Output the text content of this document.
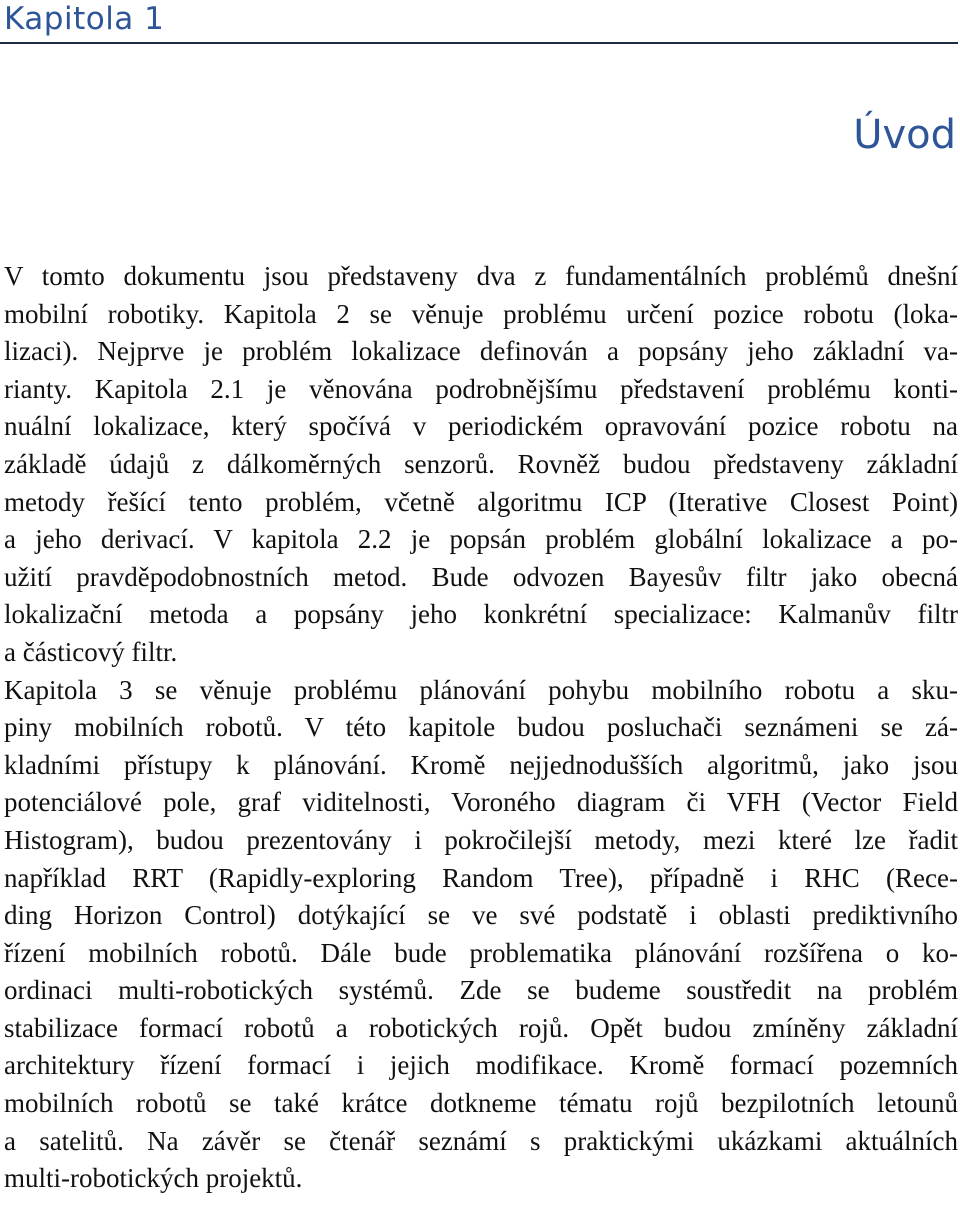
Kapitola 1
Úvod

V tomto dokumentu jsou představeny dva z fundamentálních problémů dnešní
mobilní robotiky. Kapitola 2 se věnuje problému určení pozice robotu (loka-
lizaci). Nejprve je problém lokalizace definován a popsány jeho základní va-
rianty. Kapitola 2.1 je věnována podrobnějšímu představení problému konti-
nuální lokalizace, který spočívá v periodickém opravování pozice robotu na
základě údajů z dálkoměrných senzorů. Rovněž budou představeny základní
metody řešící tento problém, včetně algoritmu ICP (Iterative Closest Point)
a jeho derivací. V kapitola 2.2 je popsán problém globální lokalizace a po-
užití pravděpodobnostních metod. Bude odvozen Bayesův filtr jako obecná
lokalizační metoda a popsány jeho konkrétní specializace: Kalmanův filtr
a částicový filtr.

Kapitola 3 se věnuje problému plánování pohybu mobilního robotu a sku-
piny mobilních robotů. V této kapitole budou posluchači seznámeni se zá-
kladními přístupy k plánování. Kromě nejjednodušších algoritmů, jako jsou
potenciálové pole, graf viditelnosti, Voroného diagram či VFH (Vector Field
Histogram), budou prezentovány i pokročilejší metody, mezi které lze řadit
například RRT (Rapidly-exploring Random Tree), případně i RHC (Rece-
ding Horizon Control) dotýkající se ve své podstatě i oblasti prediktivního
řízení mobilních robotů. Dále bude problematika plánování rozšířena o ko-
ordinaci multi-robotických systémů. Zde se budeme soustředit na problém
stabilizace formací robotů a robotických rojů. Opět budou zmíněny základní
architektury řízení formací i jejich modifikace. Kromě formací pozemních
mobilních robotů se také krátce dotkneme tématu rojů bezpilotních letounů
a satelitů. Na závěr se čtenář seznámí s praktickými ukázkami aktuálních
multi-robotických projektů.
